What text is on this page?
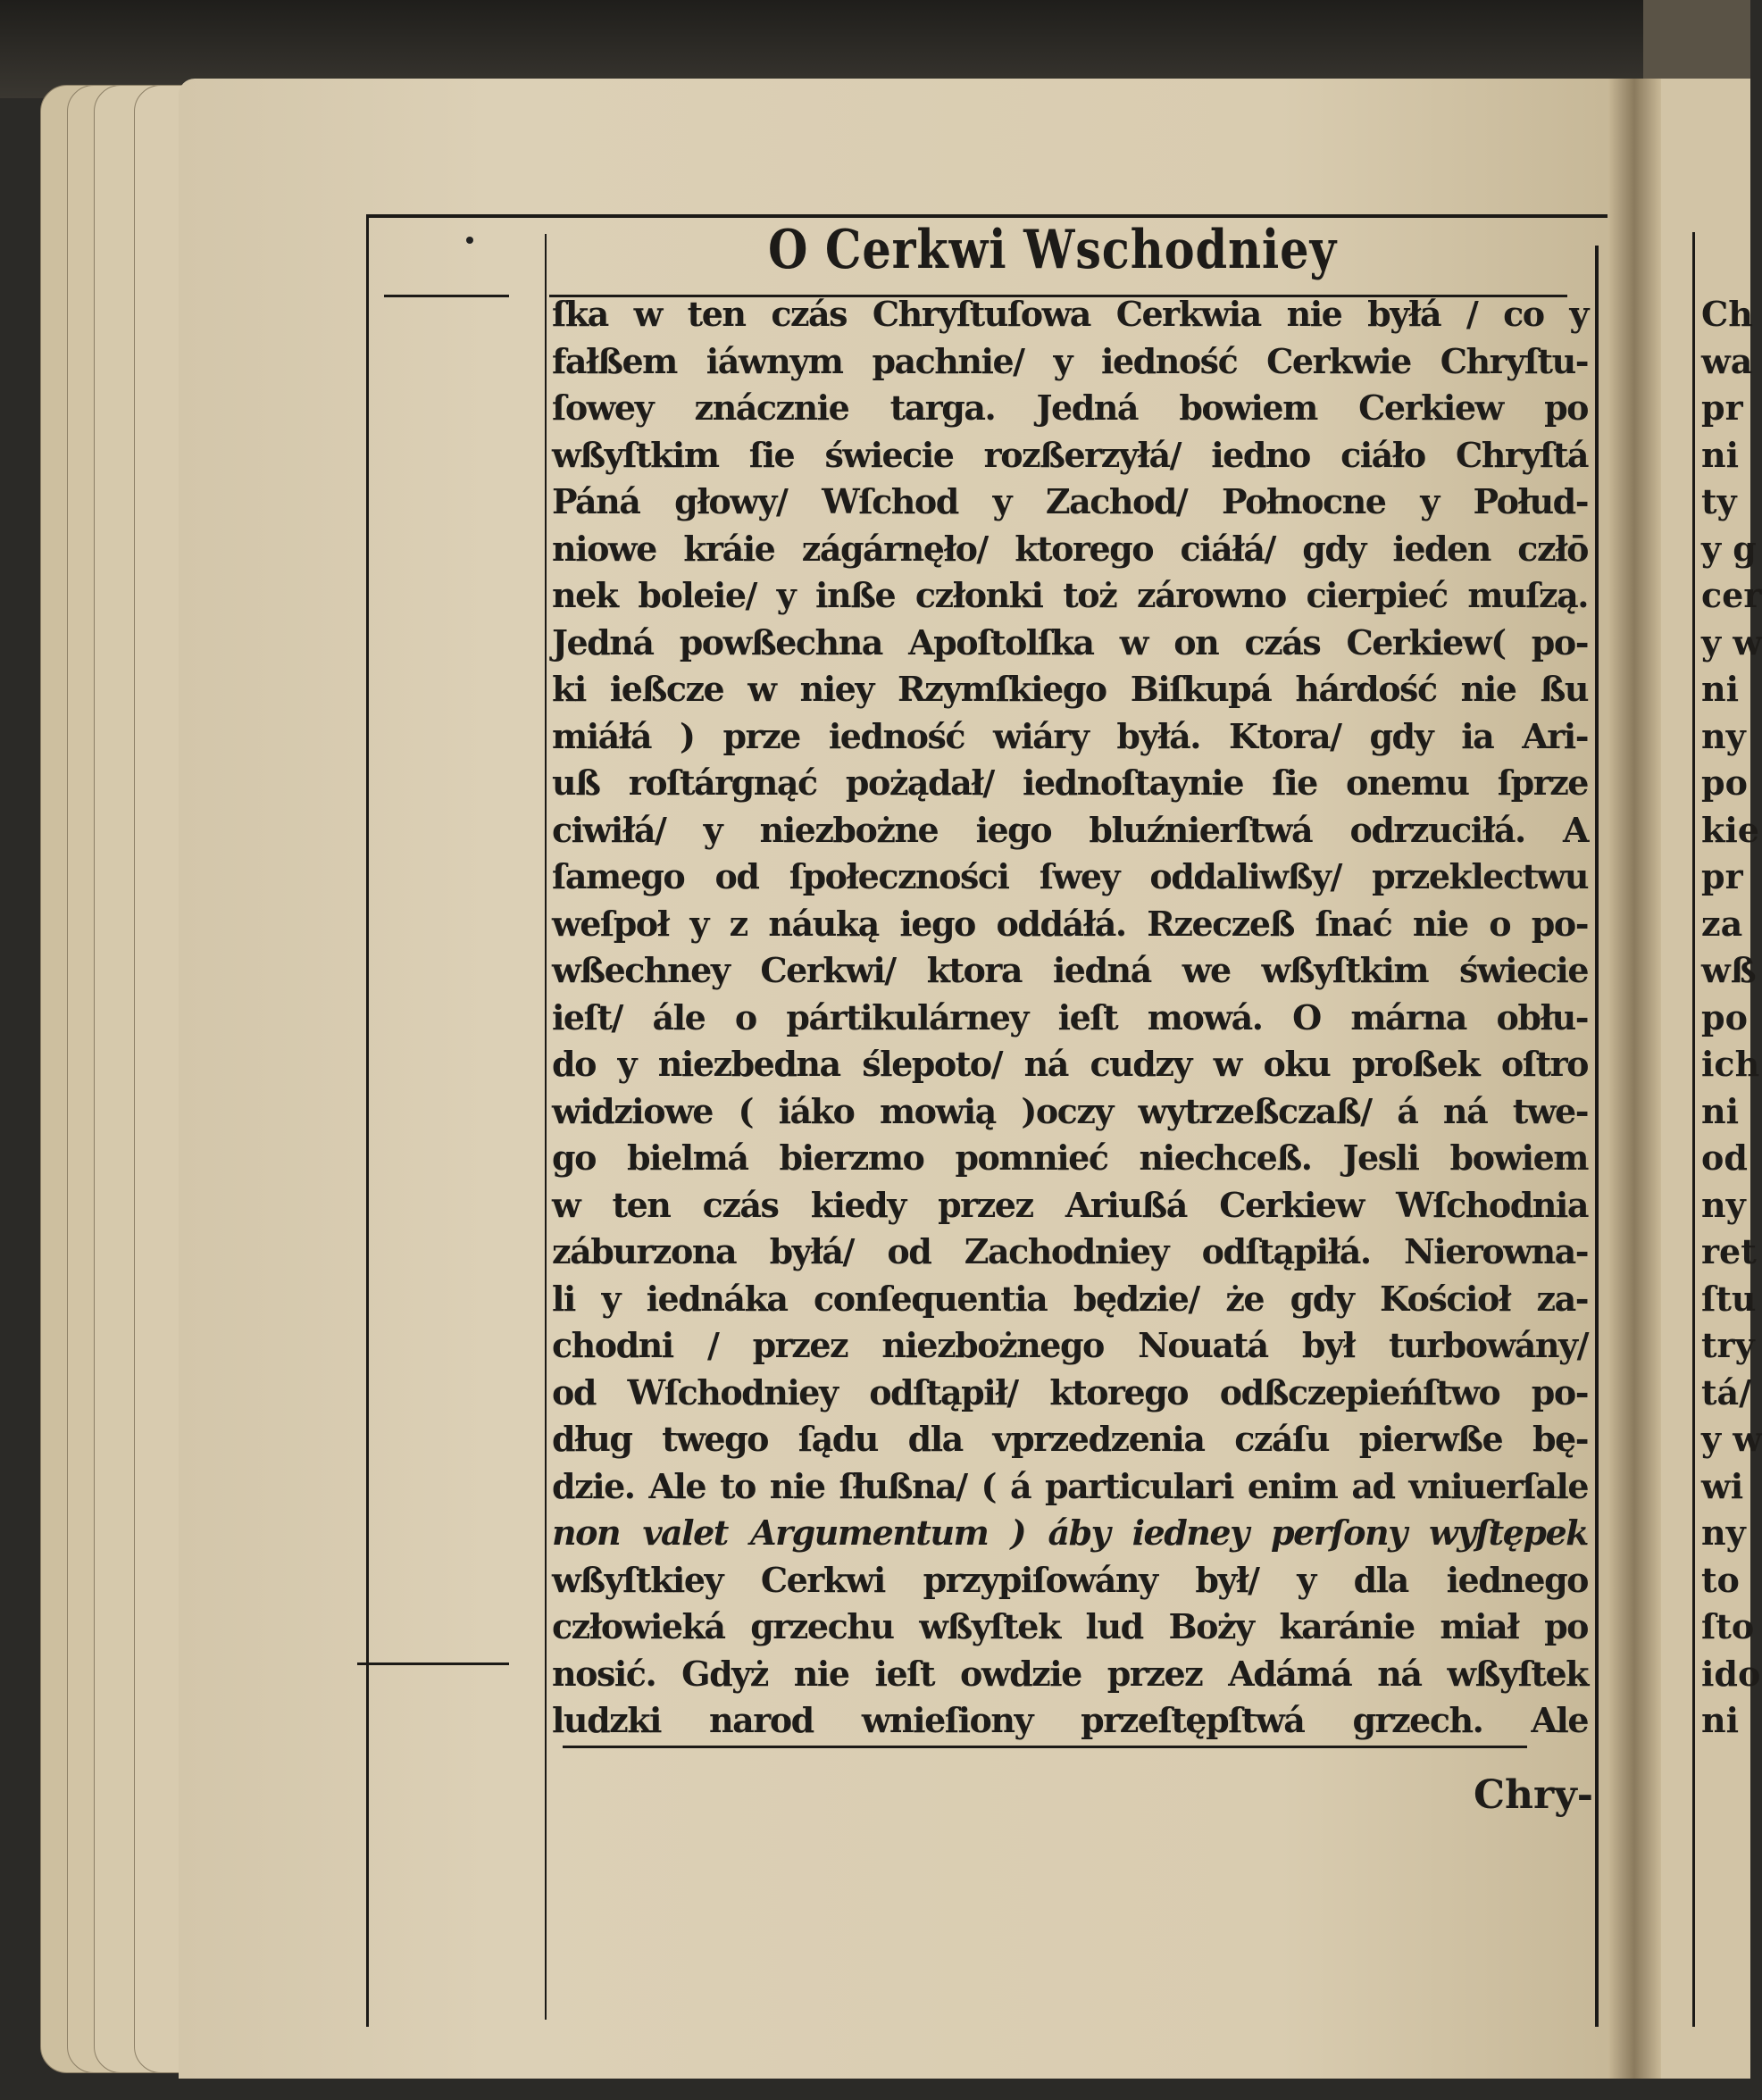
O Cerkwi Wschodniey
ſka w ten czás Chryſtuſowa Cerkwia nie byłá / co y
fałßem iáwnym pachnie/ y iedność Cerkwie Chryſtu-
ſowey znácznie targa. Jedná bowiem Cerkiew po
wßyſtkim ſie świecie rozßerzyłá/ iedno ciáło Chryſtá
Páná głowy/ Wſchod y Zachod/ Połnocne y Połud-
niowe kráie zágárnęło/ ktorego ciáłá/ gdy ieden człō
nek boleie/ y inße członki toż zárowno cierpieć muſzą.
Jedná powßechna Apoſtolſka w on czás Cerkiew( po-
ki ießcze w niey Rzymſkiego Biſkupá hárdość nie ßu
miáłá ) prze iedność wiáry byłá. Ktora/ gdy ia Ari-
uß roſtárgnąć pożądał/ iednoſtaynie ſie onemu ſprze
ciwiłá/ y niezbożne iego bluźnierſtwá odrzuciłá. A
ſamego od ſpołeczności ſwey oddaliwßy/ przeklectwu
weſpoł y z náuką iego oddáłá. Rzeczeß ſnać nie o po-
wßechney Cerkwi/ ktora iedná we wßyſtkim świecie
ieſt/ ále o pártikulárney ieſt mowá. O márna obłu-
do y niezbedna ślepoto/ ná cudzy w oku proßek oſtro
widziowe ( iáko mowią )oczy wytrzeßczaß/ á ná twe-
go bielmá bierzmo pomnieć niechceß. Jesli bowiem
w ten czás kiedy przez Ariußá Cerkiew Wſchodnia
záburzona byłá/ od Zachodniey odſtąpiłá. Nierowna-
li y iednáka conſequentia będzie/ że gdy Kościoł za-
chodni / przez niezbożnego Nouatá był turbowány/
od Wſchodniey odſtąpił/ ktorego odßczepieńſtwo po-
dług twego ſądu dla vprzedzenia czáſu pierwße bę-
dzie. Ale to nie ſłußna/ ( á particulari enim ad vniuerſale
non valet Argumentum ) áby iedney perſony wyſtępek
wßyſtkiey Cerkwi przypiſowány był/ y dla iednego
człowieká grzechu wßyſtek lud Boży karánie miał po
nosić. Gdyż nie ieſt owdzie przez Adámá ná wßyſtek
ludzki narod wnieſiony przeſtępſtwá grzech. Ale
Chry-
Ch
wa
pr
ni
ty
y g
cer
y w
ni
ny
po
kie
pr
za
wß
po
ich
ni
od
ny
ret
ſtu
try
tá/
y w
wi
ny
to
ſto
ido
ni
